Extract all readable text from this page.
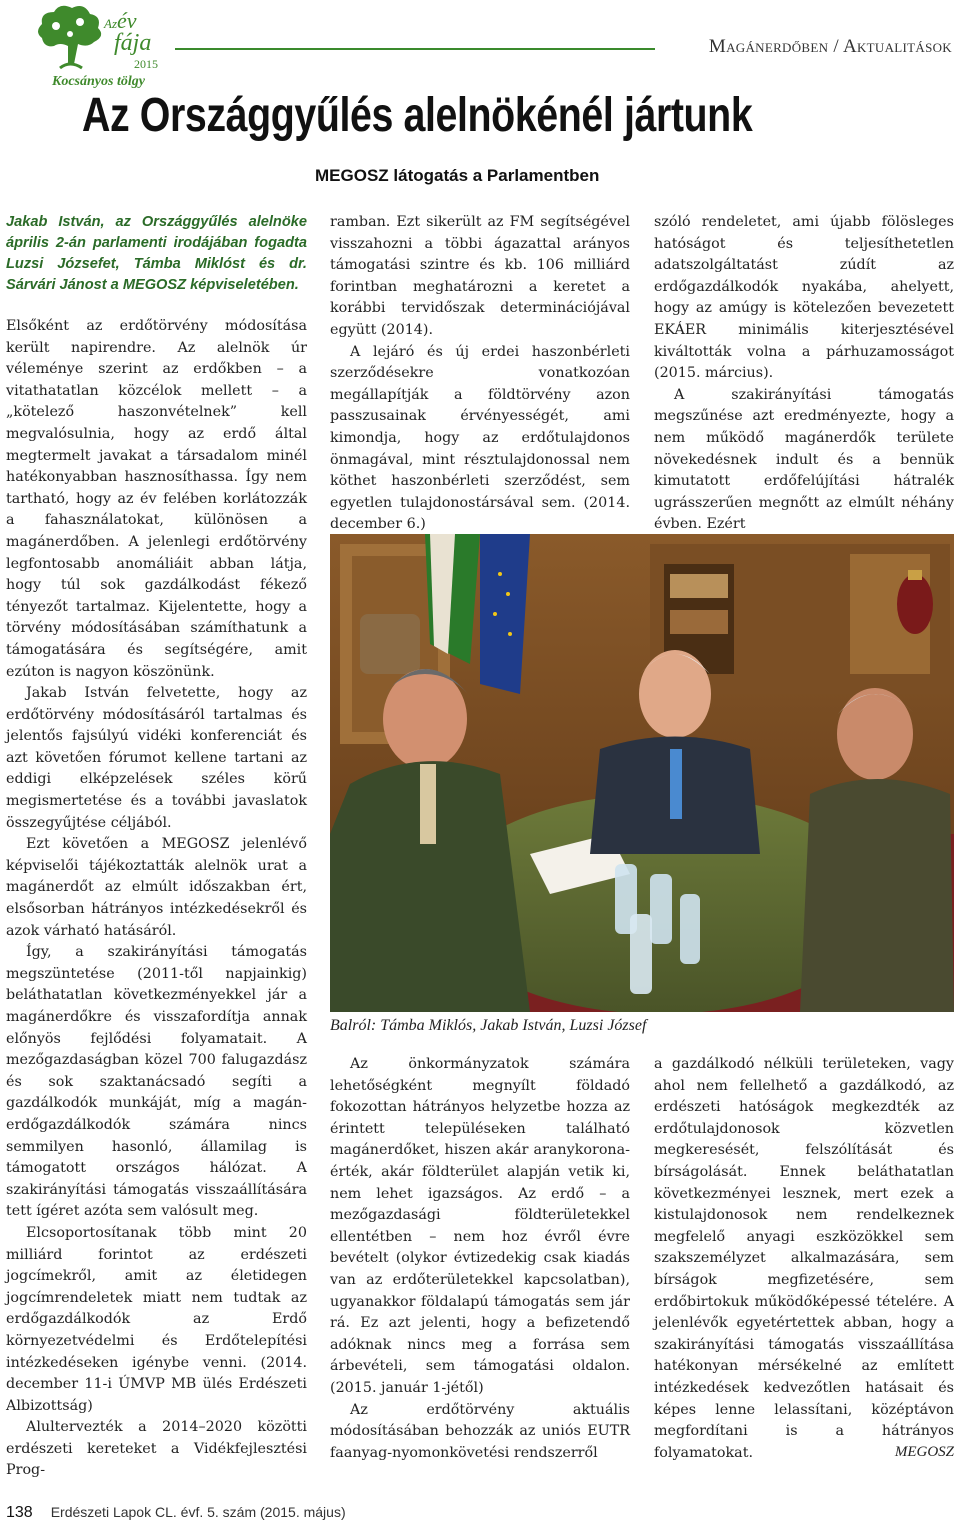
Azév
fája
2015
Kocsányos tölgy
Magánerdőben / Aktualitások
Az Országgyűlés alelnökénél jártunk
MEGOSZ látogatás a Parlamentben

Jakab István, az Országgyűlés alelnöke április 2-án parlamenti irodájában fogadta Luzsi Józsefet, Támba Miklóst és dr. Sárvári Jánost a MEGOSZ képviseletében.

Elsőként az erdőtörvény módosítása került napirendre. Az alelnök úr véleménye szerint az erdőkben – a vitathatatlan közcélok mellett – a „kötelező haszonvételnek” kell megvalósulnia, hogy az erdő által megtermelt javakat a társadalom minél hatékonyabban hasznosíthassa. Így nem tartható, hogy az év felében korlátozzák a fahasználatokat, különösen a magánerdőben. A jelenlegi erdőtörvény legfontosabb anomáliáit abban látja, hogy túl sok gazdálkodást fékező tényezőt tartalmaz. Kijelentette, hogy a törvény módosításában számíthatunk a támogatására és segítségére, amit ezúton is nagyon köszönünk.

Jakab István felvetette, hogy az erdőtörvény módosításáról tartalmas és jelentős fajsúlyú vidéki konferenciát és azt követően fórumot kellene tartani az eddigi elképzelések széles körű megismertetése és a további javaslatok összegyűjtése céljából.

Ezt követően a MEGOSZ jelenlévő képviselői tájékoztatták alelnök urat a magánerdőt az elmúlt időszakban ért, elsősorban hátrányos intézkedésekről és azok várható hatásáról.

Így, a szakirányítási támogatás megszüntetése (2011-től napjainkig) beláthatatlan következményekkel jár a magánerdőkre és visszafordítja annak előnyös fejlődési folyamatait. A mezőgazdaságban közel 700 falugazdász és sok szaktanácsadó segíti a gazdálkodók munkáját, míg a magán-erdőgazdálkodók számára nincs semmilyen hasonló, államilag is támogatott országos hálózat. A szakirányítási támogatás visszaállítására tett ígéret azóta sem valósult meg.

Elcsoportosítanak több mint 20 milliárd forintot az erdészeti jogcímekről, amit az életidegen jogcímrendeletek miatt nem tudtak az erdőgazdálkodók az Erdő környezetvédelmi és Erdőtelepítési intézkedéseken igénybe venni. (2014. december 11-i ÚMVP MB ülés Erdészeti Albizottság)

Alultervezték a 2014–2020 közötti erdészeti kereteket a Vidékfejlesztési Prog-

ramban. Ezt sikerült az FM segítségével visszahozni a többi ágazattal arányos támogatási szintre és kb. 106 milliárd forintban meghatározni a keretet a korábbi tervidőszak determinációjával együtt (2014).

A lejáró és új erdei haszonbérleti szerződésekre vonatkozóan megállapítják a földtörvény azon passzusainak érvényességét, ami kimondja, hogy az erdőtulajdonos önmagával, mint résztulajdonossal nem köthet haszonbérleti szerződést, sem egyetlen tulajdonostársával sem. (2014. december 6.)

szóló rendeletet, ami újabb fölösleges hatóságot és teljesíthetetlen adatszolgáltatást zúdít az erdőgazdálkodók nyakába, ahelyett, hogy az amúgy is kötelezően bevezetett EKÁER minimális kiterjesztésével kiváltották volna a párhuzamosságot (2015. március).

A szakirányítási támogatás megszűnése azt eredményezte, hogy a nem működő magánerdők területe növekedésnek indult és a bennük kimutatott erdőfelújítási hátralék ugrásszerűen megnőtt az elmúlt néhány évben. Ezért

Balról: Támba Miklós, Jakab István, Luzsi József

Az önkormányzatok számára lehetőségként megnyílt földadó fokozottan hátrányos helyzetbe hozza az érintett településeken található magánerdőket, hiszen akár aranykorona-érték, akár földterület alapján vetik ki, nem lehet igazságos. Az erdő – a mezőgazdasági földterületekkel ellentétben – nem hoz évről évre bevételt (olykor évtizedekig csak kiadás van az erdőterületekkel kapcsolatban), ugyanakkor földalapú támogatás sem jár rá. Ez azt jelenti, hogy a befizetendő adóknak nincs meg a forrása sem árbevételi, sem támogatási oldalon. (2015. január 1-jétől)

Az erdőtörvény aktuális módosításában behozzák az uniós EUTR faanyag-nyomonkövetési rendszerről

a gazdálkodó nélküli területeken, vagy ahol nem fellelhető a gazdálkodó, az erdészeti hatóságok megkezdték az erdőtulajdonosok közvetlen megkeresését, felszólítását és bírságolását. Ennek beláthatatlan következményei lesznek, mert ezek a kistulajdonosok nem rendelkeznek megfelelő anyagi eszközökkel sem szakszemélyzet alkalmazására, sem bírságok megfizetésére, sem erdőbirtokuk működőképessé tételére. A jelenlévők egyetértettek abban, hogy a szakirányítási támogatás visszaállítása hatékonyan mérsékelné az említett intézkedések kedvezőtlen hatásait és képes lenne lelassítani, középtávon megfordítani is a hátrányos folyamatokat.	MEGOSZ
138 Erdészeti Lapok CL. évf. 5. szám (2015. május)
